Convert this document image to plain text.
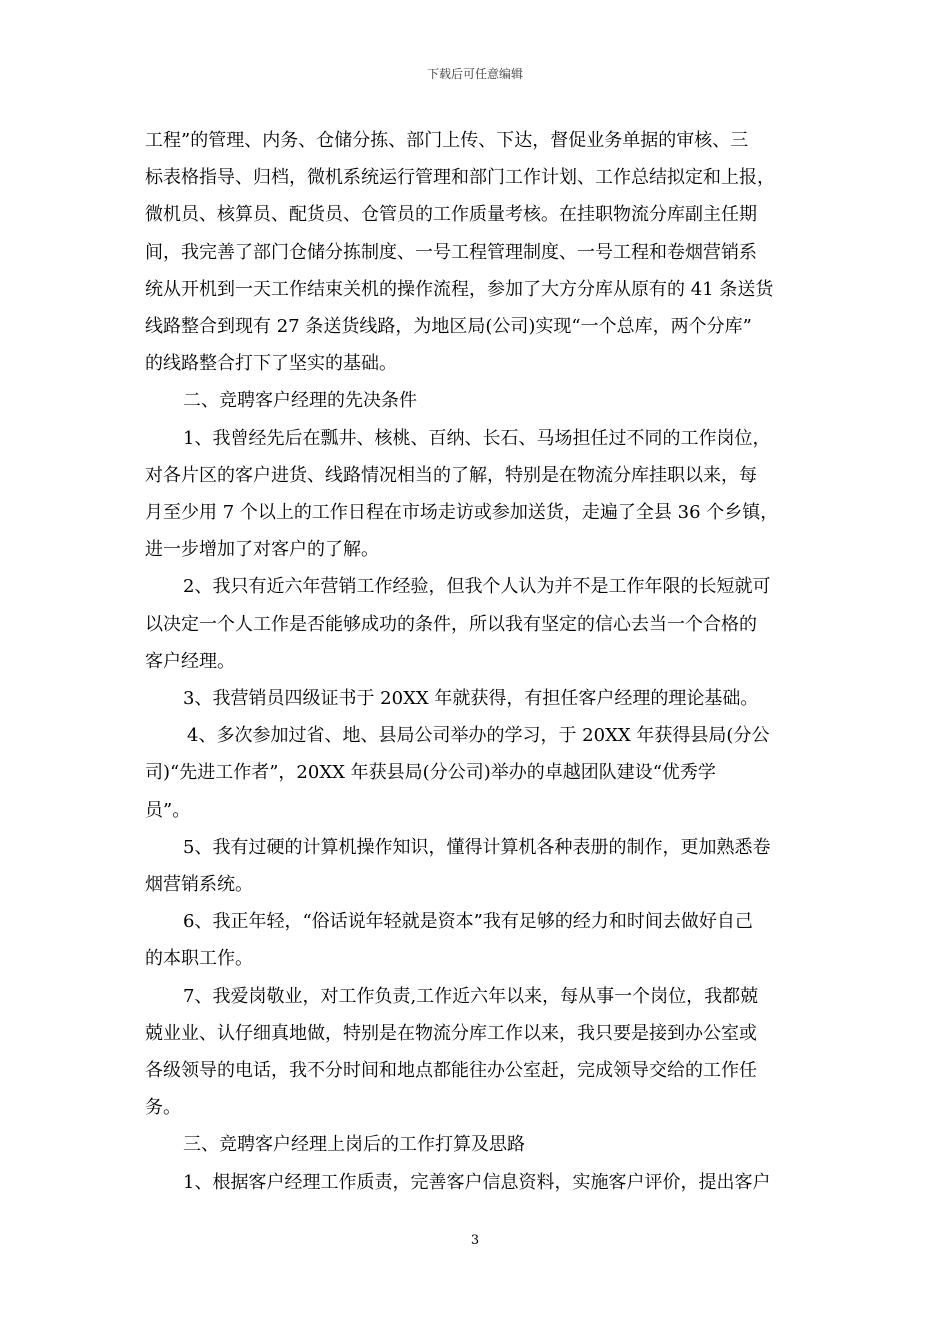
下载后可任意编辑

工程”的管理、内务、仓储分拣、部门上传、下达，督促业务单据的审核、三
标表格指导、归档，微机系统运行管理和部门工作计划、工作总结拟定和上报，
微机员、核算员、配货员、仓管员的工作质量考核。在挂职物流分库副主任期
间，我完善了部门仓储分拣制度、一号工程管理制度、一号工程和卷烟营销系
统从开机到一天工作结束关机的操作流程，参加了大方分库从原有的 41 条送货
线路整合到现有 27 条送货线路，为地区局(公司)实现“一个总库，两个分库”
的线路整合打下了坚实的基础。

二、竞聘客户经理的先决条件

1、我曾经先后在瓢井、核桃、百纳、长石、马场担任过不同的工作岗位，
对各片区的客户进货、线路情况相当的了解，特别是在物流分库挂职以来，每
月至少用 7 个以上的工作日程在市场走访或参加送货，走遍了全县 36 个乡镇，
进一步增加了对客户的了解。

2、我只有近六年营销工作经验，但我个人认为并不是工作年限的长短就可
以决定一个人工作是否能够成功的条件，所以我有坚定的信心去当一个合格的
客户经理。

3、我营销员四级证书于 20XX 年就获得，有担任客户经理的理论基础。

4、多次参加过省、地、县局公司举办的学习，于 20XX 年获得县局(分公
司)“先进工作者”，20XX 年获县局(分公司)举办的卓越团队建设“优秀学
员”。

5、我有过硬的计算机操作知识，懂得计算机各种表册的制作，更加熟悉卷
烟营销系统。

6、我正年轻，“俗话说年轻就是资本”我有足够的经力和时间去做好自己
的本职工作。

7、我爱岗敬业，对工作负责,工作近六年以来，每从事一个岗位，我都兢
兢业业、认仔细真地做，特别是在物流分库工作以来，我只要是接到办公室或
各级领导的电话，我不分时间和地点都能往办公室赶，完成领导交给的工作任
务。

三、竞聘客户经理上岗后的工作打算及思路

1、根据客户经理工作质责，完善客户信息资料，实施客户评价，提出客户

3
